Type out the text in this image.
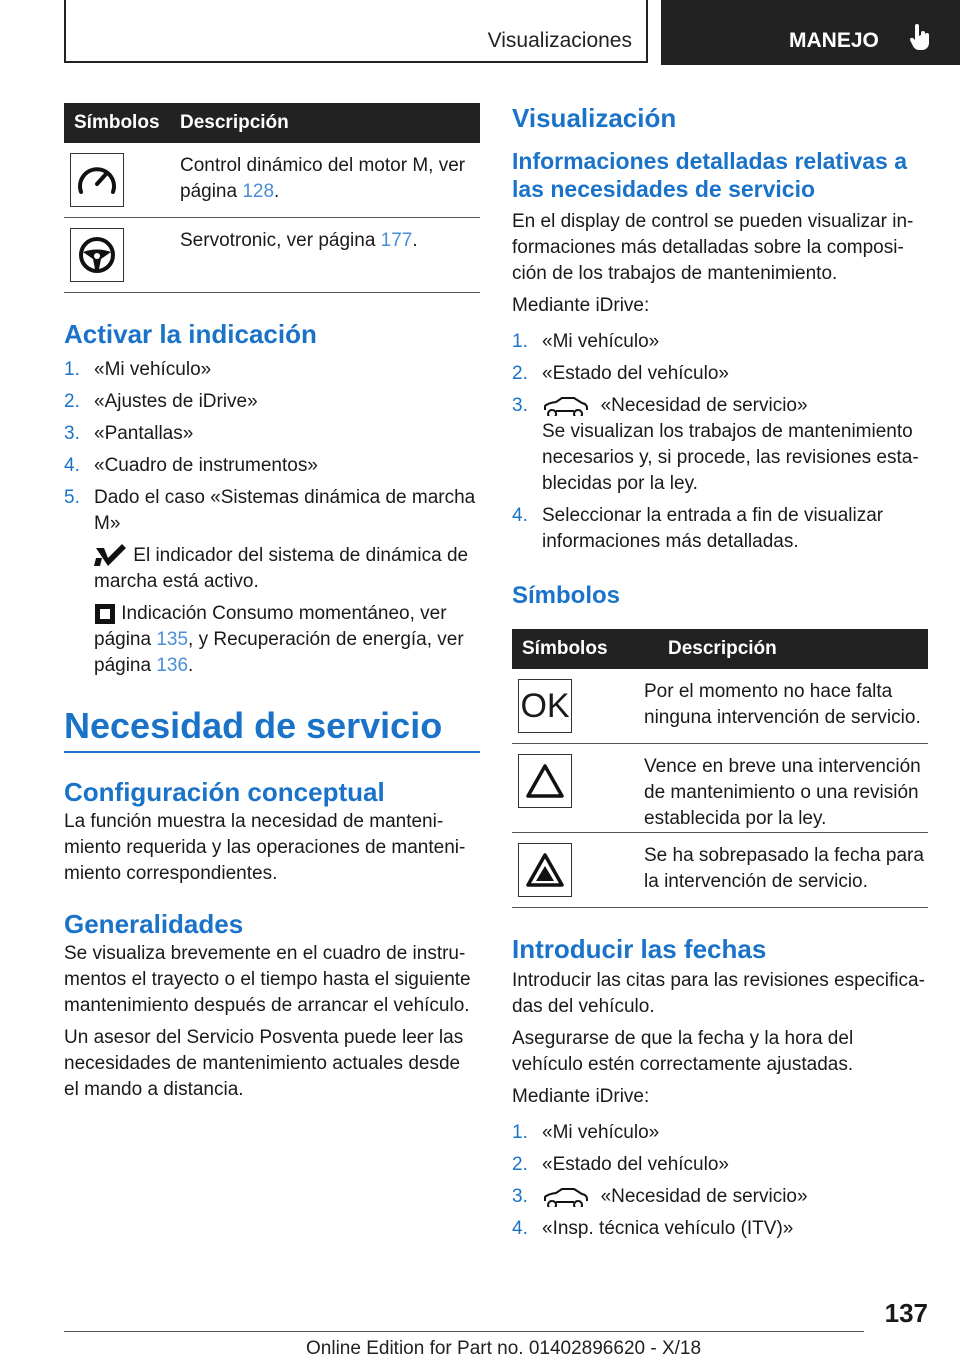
Visualizaciones	MANEJO
Símbolos	Descripción

	Control dinámico del motor M, ver página 128.

	Servotronic, ver página 177.
Activar la indicación
1. «Mi vehículo»
2. «Ajustes de iDrive»
3. «Pantallas»
4. «Cuadro de instrumentos»
5. Dado el caso «Sistemas dinámica de marcha M»

El indicador del sistema de dinámica de marcha está activo.

Indicación Consumo momentáneo, ver página 135, y Recuperación de energía, ver página 136.

Necesidad de servicio
Configuración conceptual

La función muestra la necesidad de mantenimiento requerida y las operaciones de mantenimiento correspondientes.

Generalidades

Se visualiza brevemente en el cuadro de instrumentos el trayecto o el tiempo hasta el siguiente mantenimiento después de arrancar el vehículo.

Un asesor del Servicio Posventa puede leer las necesidades de mantenimiento actuales desde el mando a distancia.

Visualización
Informaciones detalladas relativas a las necesidades de servicio

En el display de control se pueden visualizar informaciones más detalladas sobre la composición de los trabajos de mantenimiento.

Mediante iDrive:

1. «Mi vehículo»
2. «Estado del vehículo»
3.	«Necesidad de servicio»

Se visualizan los trabajos de mantenimiento necesarios y, si procede, las revisiones establecidas por la ley.

4. Seleccionar la entrada a fin de visualizar informaciones más detalladas.
Símbolos
Símbolos	Descripción

OK	Por el momento no hace falta ninguna intervención de servicio.

	Vence en breve una intervención de mantenimiento o una revisión establecida por la ley.

	Se ha sobrepasado la fecha para la intervención de servicio.
Introducir las fechas

Introducir las citas para las revisiones especificadas del vehículo.

Asegurarse de que la fecha y la hora del vehículo estén correctamente ajustadas.

Mediante iDrive:

1. «Mi vehículo»
2. «Estado del vehículo»
3.	«Necesidad de servicio»
4. «Insp. técnica vehículo (ITV)»
137
Online Edition for Part no. 01402896620 - X/18
